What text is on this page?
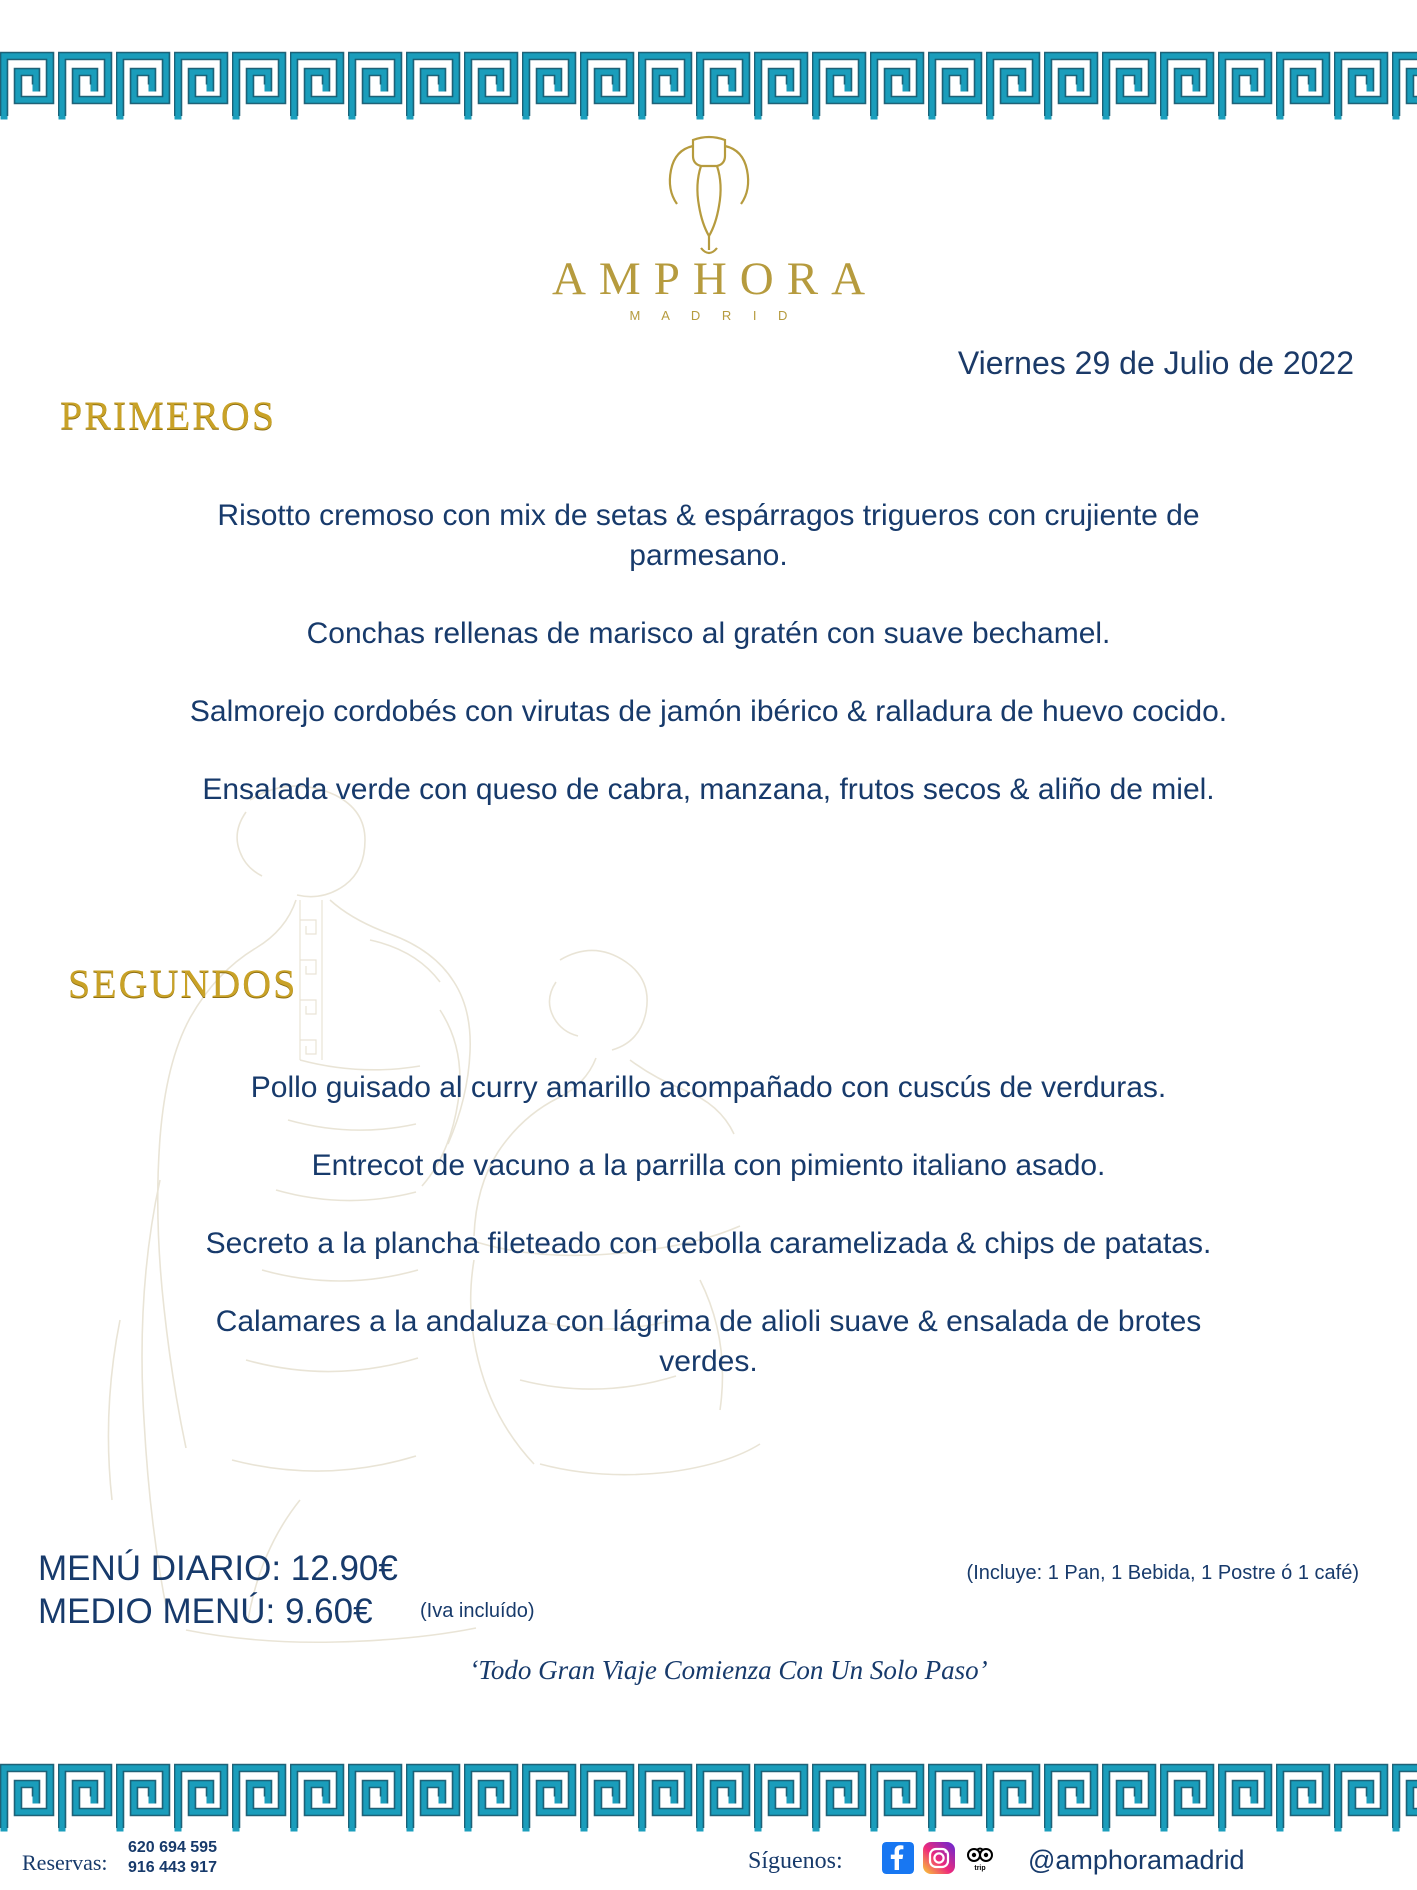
AMPHORA
M A D R I D
Viernes 29 de Julio de 2022
PRIMEROS
Risotto cremoso con mix de setas & espárragos trigueros con crujiente de parmesano.
Conchas rellenas de marisco al gratén con suave bechamel.
Salmorejo cordobés con virutas de jamón ibérico & ralladura de huevo cocido.
Ensalada verde con queso de cabra, manzana, frutos secos & aliño de miel.
SEGUNDOS
Pollo guisado al curry amarillo acompañado con cuscús de verduras.
Entrecot de vacuno a la parrilla con pimiento italiano asado.
Secreto a la plancha fileteado con cebolla caramelizada & chips de patatas.
Calamares a la andaluza con lágrima de alioli suave & ensalada de brotes verdes.
MENÚ DIARIO: 12.90€
MEDIO MENÚ: 9.60€	(Iva incluído)
(Incluye: 1 Pan, 1 Bebida, 1 Postre ó 1 café)
‘Todo Gran Viaje Comienza Con Un Solo Paso’
Reservas:
620 694 595
916 443 917	Síguenos:	trip @amphoramadrid
